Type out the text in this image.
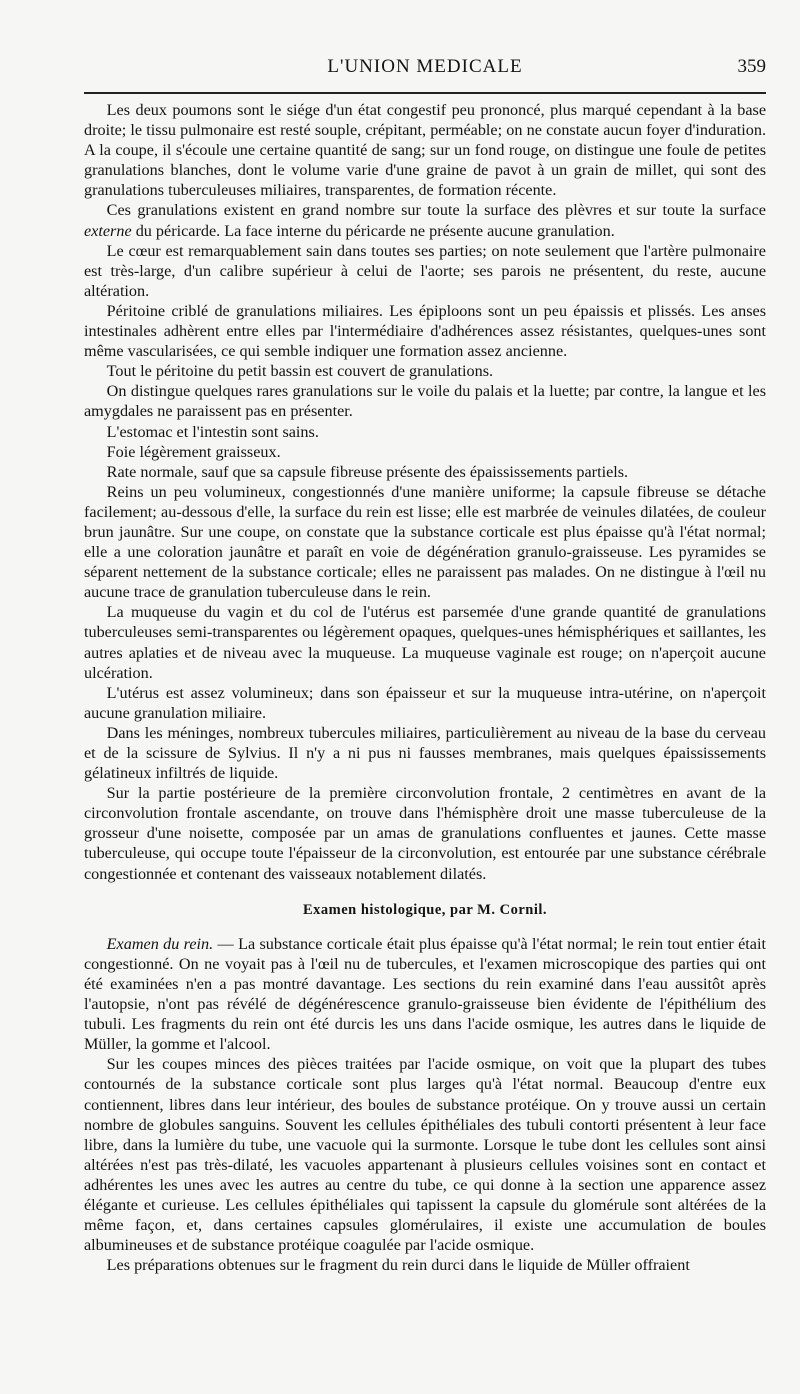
L'UNION MEDICALE	359

Les deux poumons sont le siége d'un état congestif peu prononcé, plus marqué cependant à la base droite; le tissu pulmonaire est resté souple, crépitant, perméable; on ne constate aucun foyer d'induration. A la coupe, il s'écoule une certaine quantité de sang; sur un fond rouge, on distingue une foule de petites granulations blanches, dont le volume varie d'une graine de pavot à un grain de millet, qui sont des granulations tuberculeuses miliaires, transparentes, de formation récente.

Ces granulations existent en grand nombre sur toute la surface des plèvres et sur toute la surface externe du péricarde. La face interne du péricarde ne présente aucune granulation.

Le cœur est remarquablement sain dans toutes ses parties; on note seulement que l'artère pulmonaire est très-large, d'un calibre supérieur à celui de l'aorte; ses parois ne présentent, du reste, aucune altération.

Péritoine criblé de granulations miliaires. Les épiploons sont un peu épaissis et plissés. Les anses intestinales adhèrent entre elles par l'intermédiaire d'adhérences assez résistantes, quelques-unes sont même vascularisées, ce qui semble indiquer une formation assez ancienne.

Tout le péritoine du petit bassin est couvert de granulations.

On distingue quelques rares granulations sur le voile du palais et la luette; par contre, la langue et les amygdales ne paraissent pas en présenter.

L'estomac et l'intestin sont sains.

Foie légèrement graisseux.

Rate normale, sauf que sa capsule fibreuse présente des épaississements partiels.

Reins un peu volumineux, congestionnés d'une manière uniforme; la capsule fibreuse se détache facilement; au-dessous d'elle, la surface du rein est lisse; elle est marbrée de veinules dilatées, de couleur brun jaunâtre. Sur une coupe, on constate que la substance corticale est plus épaisse qu'à l'état normal; elle a une coloration jaunâtre et paraît en voie de dégénération granulo-graisseuse. Les pyramides se séparent nettement de la substance corticale; elles ne paraissent pas malades. On ne distingue à l'œil nu aucune trace de granulation tuberculeuse dans le rein.

La muqueuse du vagin et du col de l'utérus est parsemée d'une grande quantité de granulations tuberculeuses semi-transparentes ou légèrement opaques, quelques-unes hémisphériques et saillantes, les autres aplaties et de niveau avec la muqueuse. La muqueuse vaginale est rouge; on n'aperçoit aucune ulcération.

L'utérus est assez volumineux; dans son épaisseur et sur la muqueuse intra-utérine, on n'aperçoit aucune granulation miliaire.

Dans les méninges, nombreux tubercules miliaires, particulièrement au niveau de la base du cerveau et de la scissure de Sylvius. Il n'y a ni pus ni fausses membranes, mais quelques épaississements gélatineux infiltrés de liquide.

Sur la partie postérieure de la première circonvolution frontale, 2 centimètres en avant de la circonvolution frontale ascendante, on trouve dans l'hémisphère droit une masse tuberculeuse de la grosseur d'une noisette, composée par un amas de granulations confluentes et jaunes. Cette masse tuberculeuse, qui occupe toute l'épaisseur de la circonvolution, est entourée par une substance cérébrale congestionnée et contenant des vaisseaux notablement dilatés.

Examen histologique, par M. Cornil.

Examen du rein. — La substance corticale était plus épaisse qu'à l'état normal; le rein tout entier était congestionné. On ne voyait pas à l'œil nu de tubercules, et l'examen microscopique des parties qui ont été examinées n'en a pas montré davantage. Les sections du rein examiné dans l'eau aussitôt après l'autopsie, n'ont pas révélé de dégénérescence granulo-graisseuse bien évidente de l'épithélium des tubuli. Les fragments du rein ont été durcis les uns dans l'acide osmique, les autres dans le liquide de Müller, la gomme et l'alcool.

Sur les coupes minces des pièces traitées par l'acide osmique, on voit que la plupart des tubes contournés de la substance corticale sont plus larges qu'à l'état normal. Beaucoup d'entre eux contiennent, libres dans leur intérieur, des boules de substance protéique. On y trouve aussi un certain nombre de globules sanguins. Souvent les cellules épithéliales des tubuli contorti présentent à leur face libre, dans la lumière du tube, une vacuole qui la surmonte. Lorsque le tube dont les cellules sont ainsi altérées n'est pas très-dilaté, les vacuoles appartenant à plusieurs cellules voisines sont en contact et adhérentes les unes avec les autres au centre du tube, ce qui donne à la section une apparence assez élégante et curieuse. Les cellules épithéliales qui tapissent la capsule du glomérule sont altérées de la même façon, et, dans certaines capsules glomérulaires, il existe une accumulation de boules albumineuses et de substance protéique coagulée par l'acide osmique.

Les préparations obtenues sur le fragment du rein durci dans le liquide de Müller offraient
